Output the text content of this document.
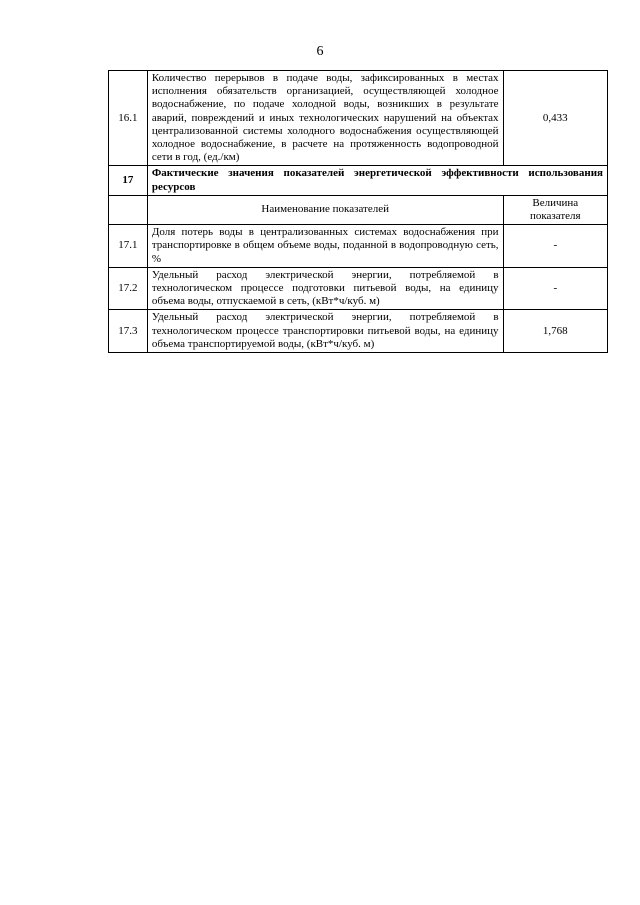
6
16.1	Количество перерывов в подаче воды, зафиксированных в местах исполнения обязательств организацией, осуществляющей холодное водоснабжение, по подаче холодной воды, возникших в результате аварий, повреждений и иных технологических нарушений на объектах централизованной системы холодного водоснабжения осуществляющей холодное водоснабжение, в расчете на протяженность водопроводной сети в год, (ед./км)	0,433
17	Фактические значения показателей энергетической эффективности использования ресурсов	
	Наименование показателей	Величина показателя
17.1	Доля потерь воды в централизованных системах водоснабжения при транспортировке в общем объеме воды, поданной в водопроводную сеть, %	-
17.2	Удельный расход электрической энергии, потребляемой в технологическом процессе подготовки питьевой воды, на единицу объема воды, отпускаемой в сеть, (кВт*ч/куб. м)	-
17.3	Удельный расход электрической энергии, потребляемой в технологическом процессе транспортировки питьевой воды, на единицу объема транспортируемой воды, (кВт*ч/куб. м)	1,768
